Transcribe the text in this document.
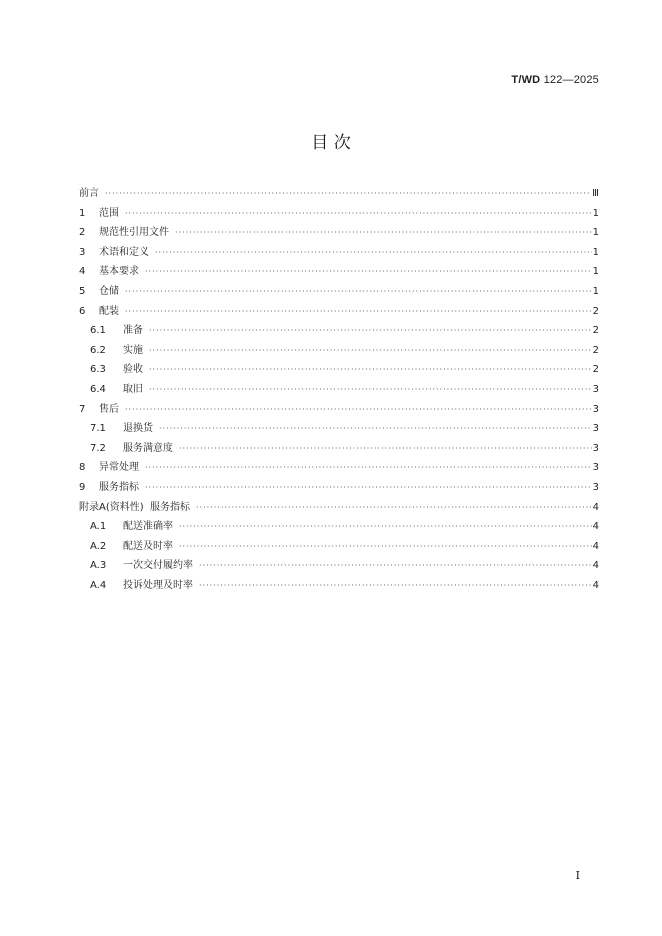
T/WD 122—2025
目 次
前言 ·····	Ⅲ
1	范围 ·····	1
2	规范性引用文件 ·····	1
3	术语和定义 ·····	1
4	基本要求 ·····	1
5	仓储 ·····	1
6	配装 ·····	2
6.1	准备 ·····	2
6.2	实施 ·····	2
6.3	验收 ·····	2
6.4	取旧 ·····	3
7	售后 ·····	3
7.1	退换货 ·····	3
7.2	服务满意度 ·····	3
8	异常处理 ·····	3
9	服务指标 ·····	3
附录A(资料性)  服务指标 ·····	4
A.1	配送准确率 ·····	4
A.2	配送及时率 ·····	4
A.3	一次交付履约率 ·····	4
A.4	投诉处理及时率 ·····	4
I
